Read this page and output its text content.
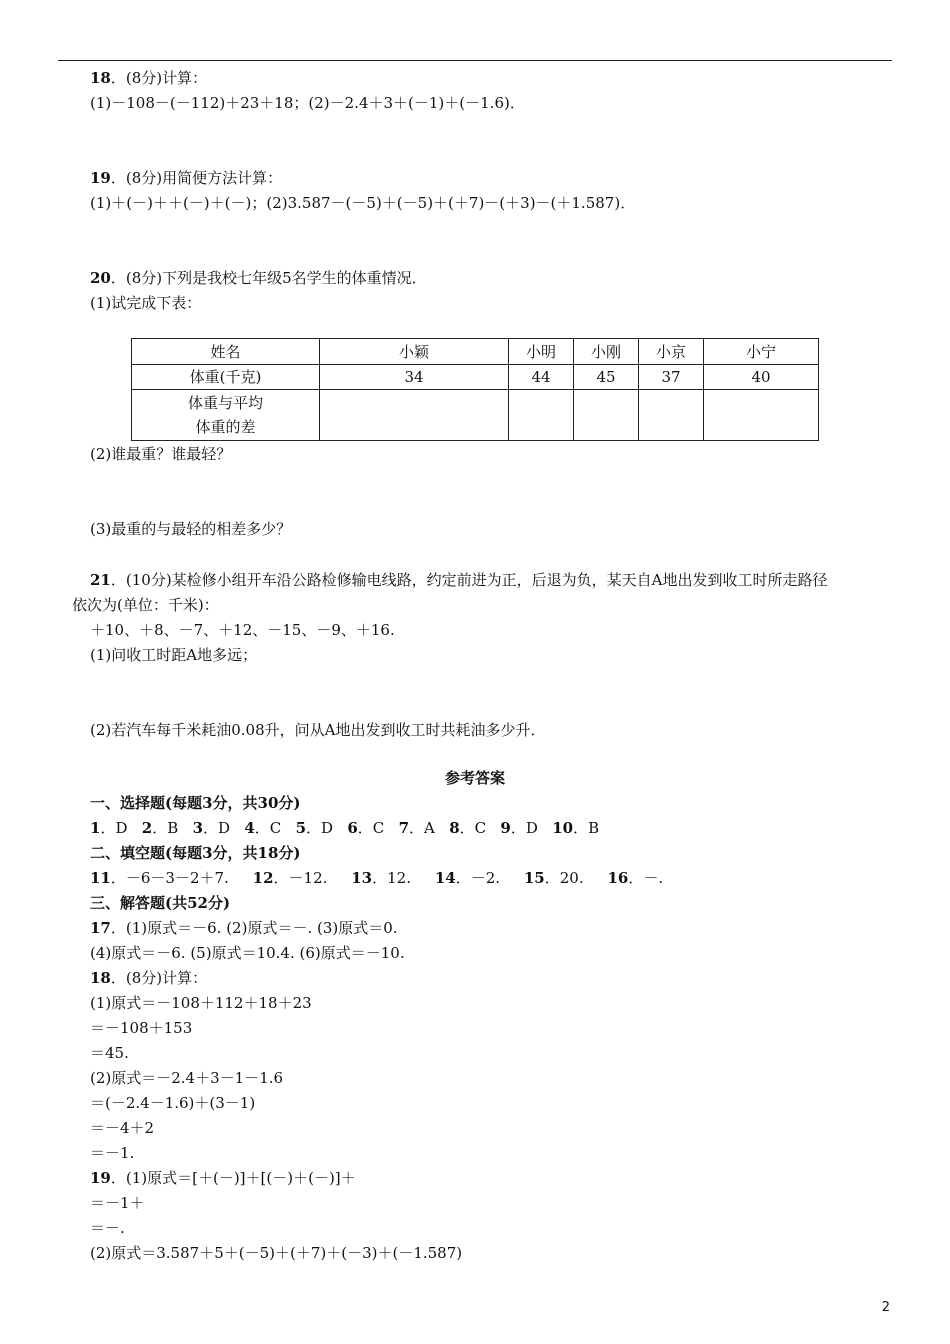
18．(8分)计算：
(1)－108－(－112)＋23＋18；(2)－2.4＋3＋(－1)＋(－1.6)．
19．(8分)用简便方法计算：
(1)＋(－)＋＋(－)＋(－)；(2)3.587－(－5)＋(－5)＋(＋7)－(＋3)－(＋1.587)．
20．(8分)下列是我校七年级5名学生的体重情况．
(1)试完成下表：
姓名	小颖	小明	小刚	小京	小宁
体重(千克)	34	44	45	37	40
体重与平均
体重的差					
(2)谁最重？谁最轻？
(3)最重的与最轻的相差多少？
21．(10分)某检修小组开车沿公路检修输电线路，约定前进为正，后退为负，某天自A地出发到收工时所走路径
依次为(单位：千米)：
＋10、＋8、－7、＋12、－15、－9、＋16.
(1)问收工时距A地多远；
(2)若汽车每千米耗油0.08升，问从A地出发到收工时共耗油多少升．
参考答案
一、选择题(每题3分，共30分)
1．D 2．B 3．D 4．C 5．D 6．C 7．A 8．C 9．D 10．B
二、填空题(每题3分，共18分)
11．－6－3－2＋7. 12．－12. 13．12. 14．－2. 15．20. 16．－.
三、解答题(共52分)
17．(1)原式＝－6. (2)原式＝－. (3)原式＝0.
(4)原式＝－6. (5)原式＝10.4. (6)原式＝－10.
18．(8分)计算：
(1)原式＝－108＋112＋18＋23
＝－108＋153
＝45.
(2)原式＝－2.4＋3－1－1.6
＝(－2.4－1.6)＋(3－1)
＝－4＋2
＝－1.
19．(1)原式＝[＋(－)]＋[(－)＋(－)]＋
＝－1＋
＝－.
(2)原式＝3.587＋5＋(－5)＋(＋7)＋(－3)＋(－1.587)
2
